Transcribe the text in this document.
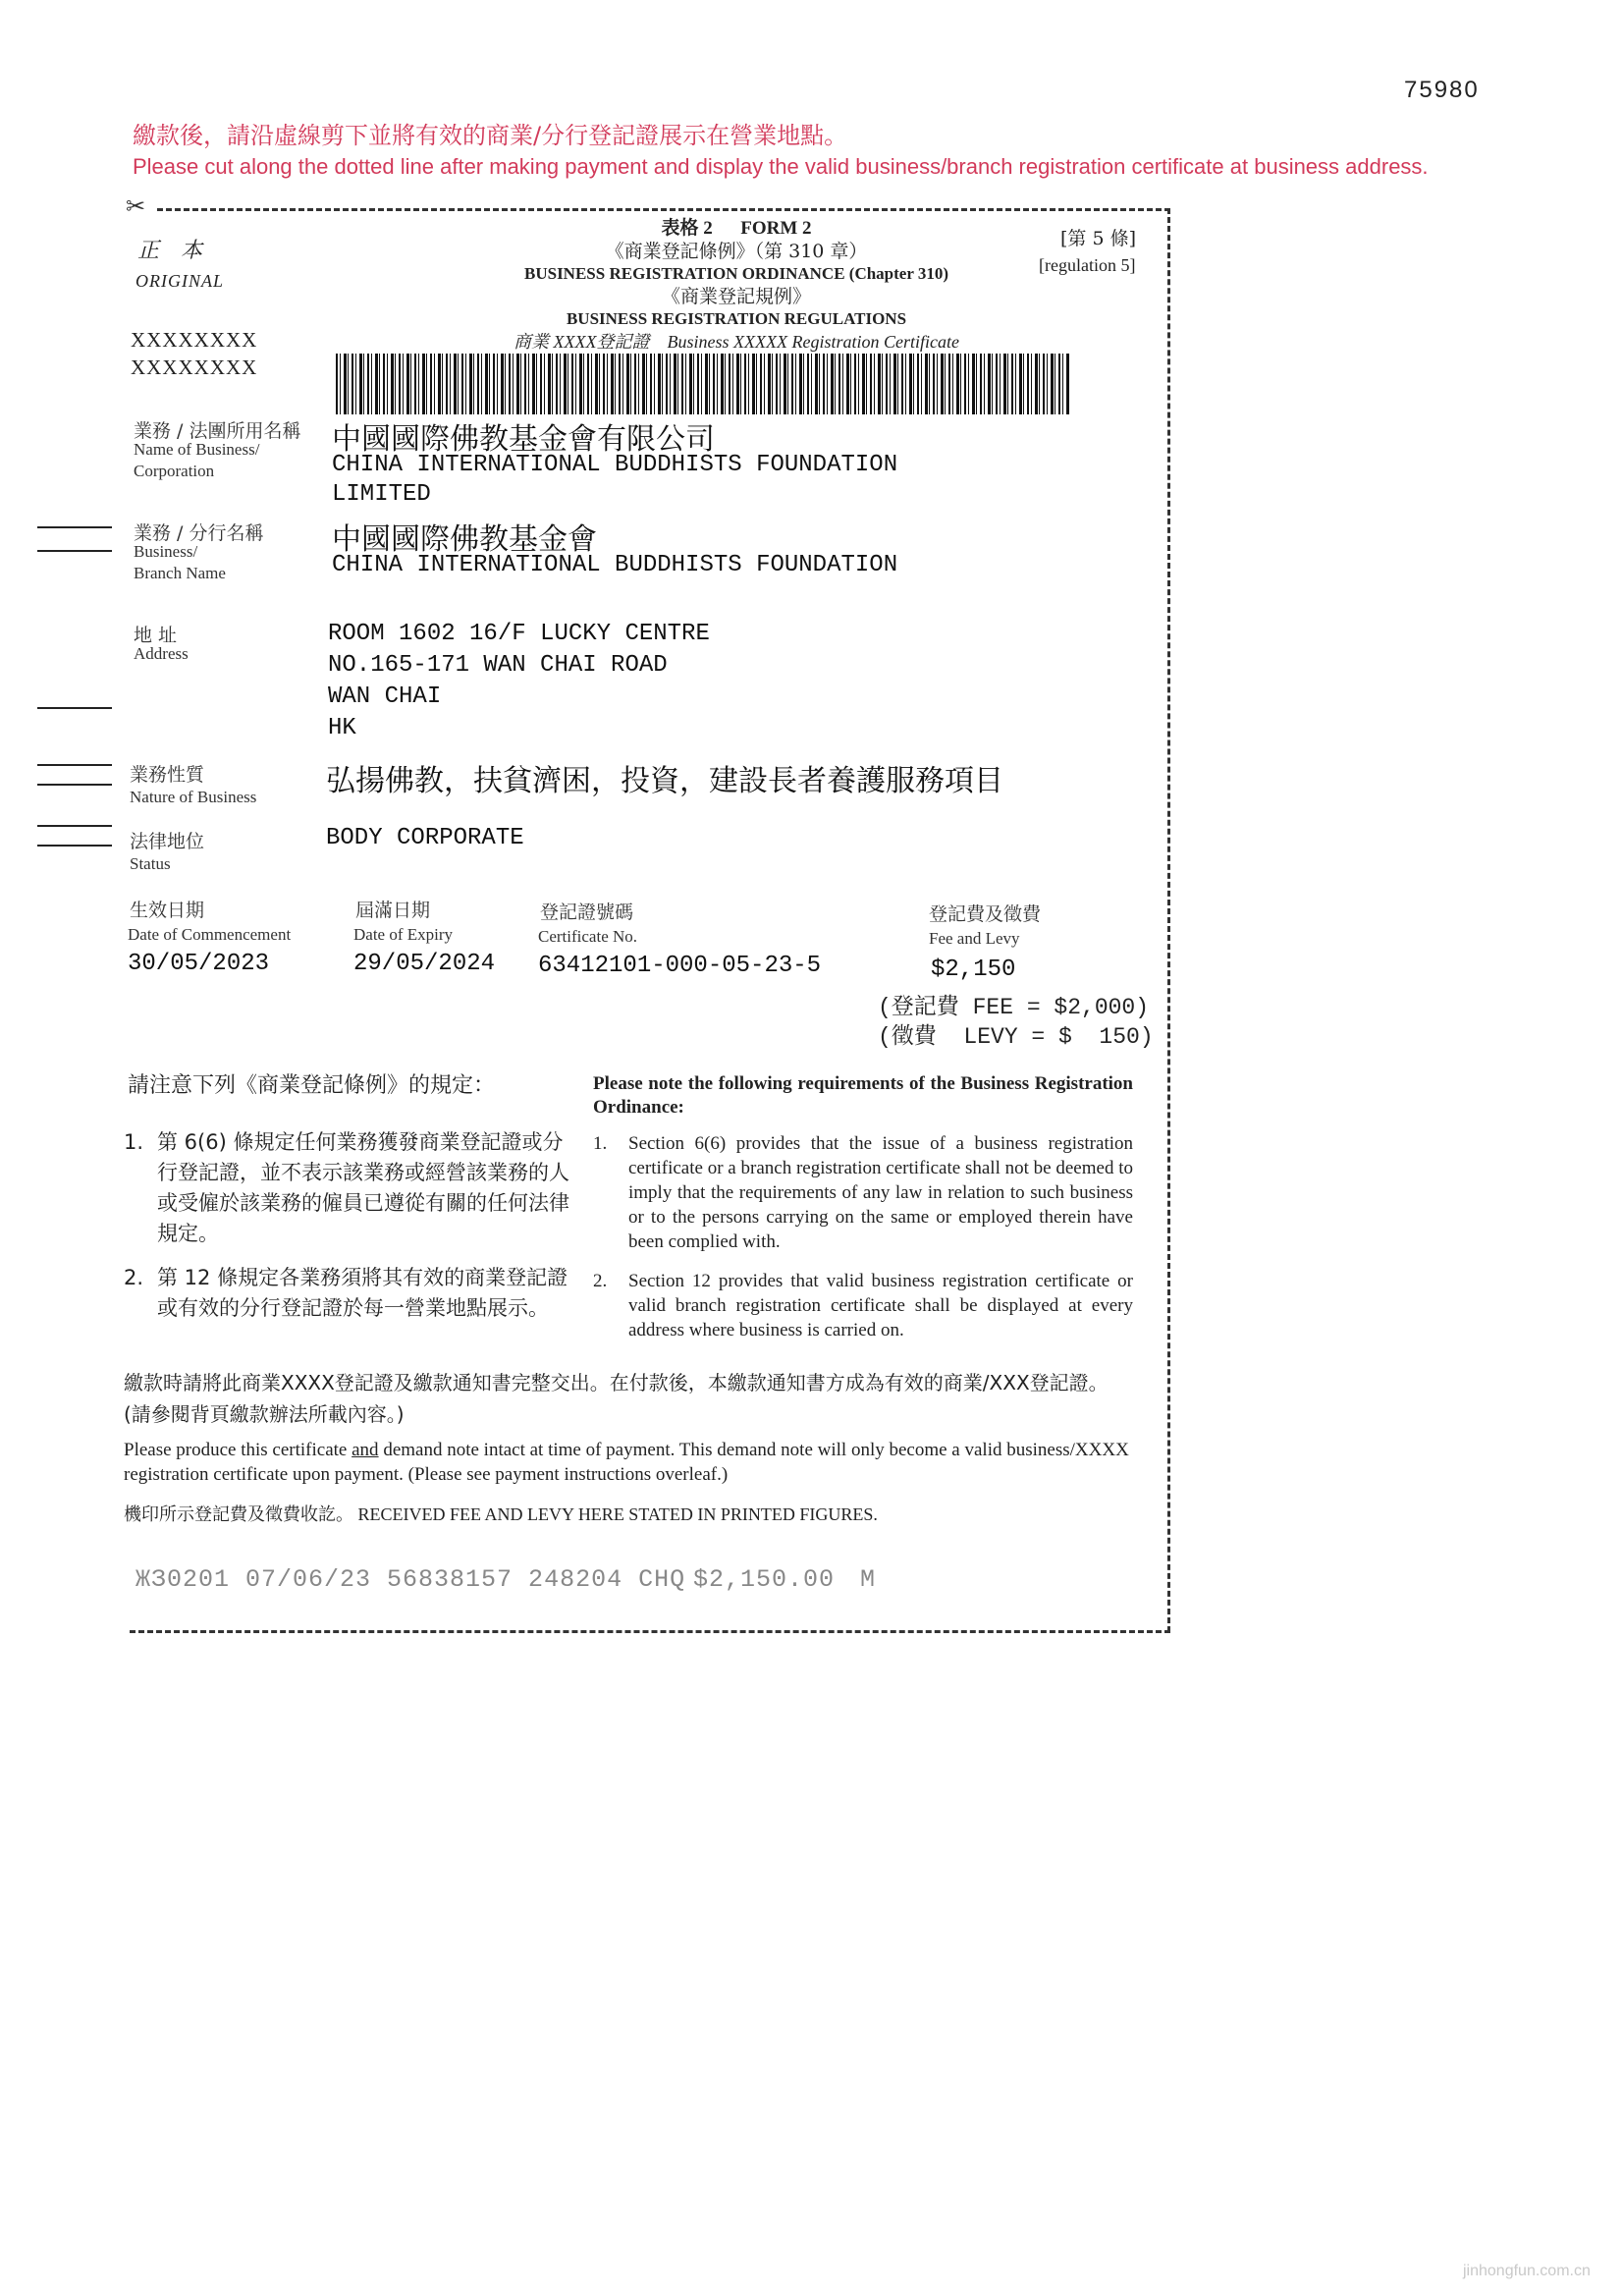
75980
繳款後，請沿虛線剪下並將有效的商業/分行登記證展示在營業地點。
Please cut along the dotted line after making payment and display the valid business/branch registration certificate at business address.
✂
正　本
ORIGINAL
表格 2 FORM 2
《商業登記條例》（第 310 章）
BUSINESS REGISTRATION ORDINANCE (Chapter 310)
《商業登記規例》
BUSINESS REGISTRATION REGULATIONS
商業 XXXX登記證 Business XXXXX Registration Certificate
[第 5 條]
[regulation 5]
XXXXXXXX
XXXXXXXX
業務 / 法團所用名稱
Name of Business/
Corporation
中國國際佛教基金會有限公司
CHINA INTERNATIONAL BUDDHISTS FOUNDATION
LIMITED
業務 / 分行名稱
Business/
Branch Name
中國國際佛教基金會
CHINA INTERNATIONAL BUDDHISTS FOUNDATION
地 址
Address
ROOM 1602 16/F LUCKY CENTRE
NO.165-171 WAN CHAI ROAD
WAN CHAI
HK
業務性質
Nature of Business 弘揚佛教，扶貧濟困，投資，建設長者養護服務項目
法律地位
Status
BODY CORPORATE
生效日期
Date of Commencement
30/05/2023
屆滿日期
Date of Expiry
29/05/2024
登記證號碼
Certificate No.
63412101-000-05-23-5
登記費及徵費
Fee and Levy
$2,150
(登記費 FEE = $2,000)
(徵費  LEVY = $  150)
請注意下列《商業登記條例》的規定：	Please note the following requirements of the Business Registration Ordinance:
1. 第 6(6) 條規定任何業務獲發商業登記證或分行登記證，並不表示該業務或經營該業務的人或受僱於該業務的僱員已遵從有關的任何法律規定。
1. Section 6(6) provides that the issue of a business registration certificate or a branch registration certificate shall not be deemed to imply that the requirements of any law in relation to such business or to the persons carrying on the same or employed therein have been complied with.
2. 第 12 條規定各業務須將其有效的商業登記證或有效的分行登記證於每一營業地點展示。
2. Section 12 provides that valid business registration certificate or valid branch registration certificate shall be displayed at every address where business is carried on.
繳款時請將此商業XXXX登記證及繳款通知書完整交出。在付款後，本繳款通知書方成為有效的商業/XXX登記證。(請參閱背頁繳款辦法所載內容。)
Please produce this certificate and demand note intact at time of payment. This demand note will only become a valid business/XXXX registration certificate upon payment. (Please see payment instructions overleaf.)
機印所示登記費及徵費收訖。 RECEIVED FEE AND LEVY HERE STATED IN PRINTED FIGURES.
ЖЗ0201 07/06/23 56838157 248204 CHQ $2,150.00 M
jinhongfun.com.cn
